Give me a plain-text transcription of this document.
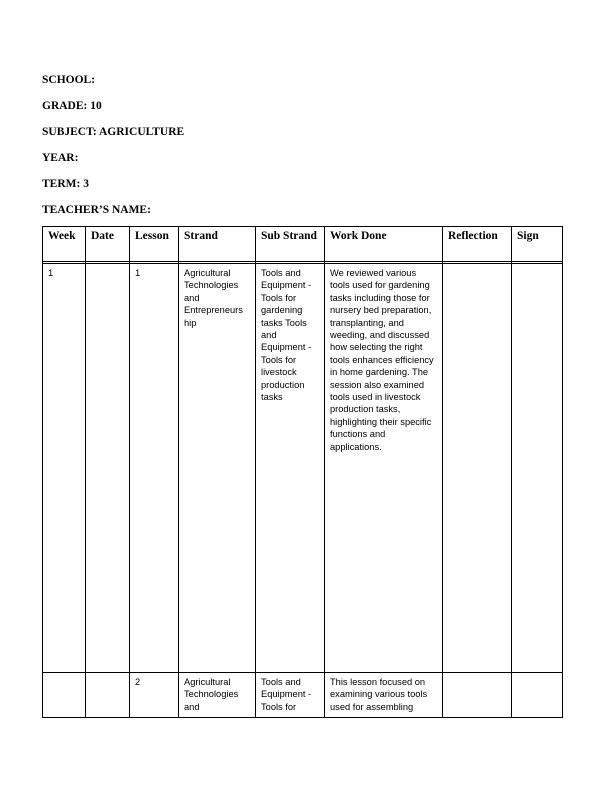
SCHOOL:
GRADE: 10
SUBJECT: AGRICULTURE
YEAR:
TERM: 3
TEACHER’S NAME:
Week	Date	Lesson	Strand	Sub Strand	Work Done	Reflection	Sign

1		1	Agricultural Technologies and Entrepreneurs hip	Tools and Equipment - Tools for gardening tasks Tools and Equipment - Tools for livestock production tasks	We reviewed various tools used for gardening tasks including those for nursery bed preparation, transplanting, and weeding, and discussed how selecting the right tools enhances efficiency in home gardening. The session also examined tools used in livestock production tasks, highlighting their specific functions and applications.		
		2	Agricultural Technologies and	Tools and Equipment - Tools for	This lesson focused on examining various tools used for assembling		
